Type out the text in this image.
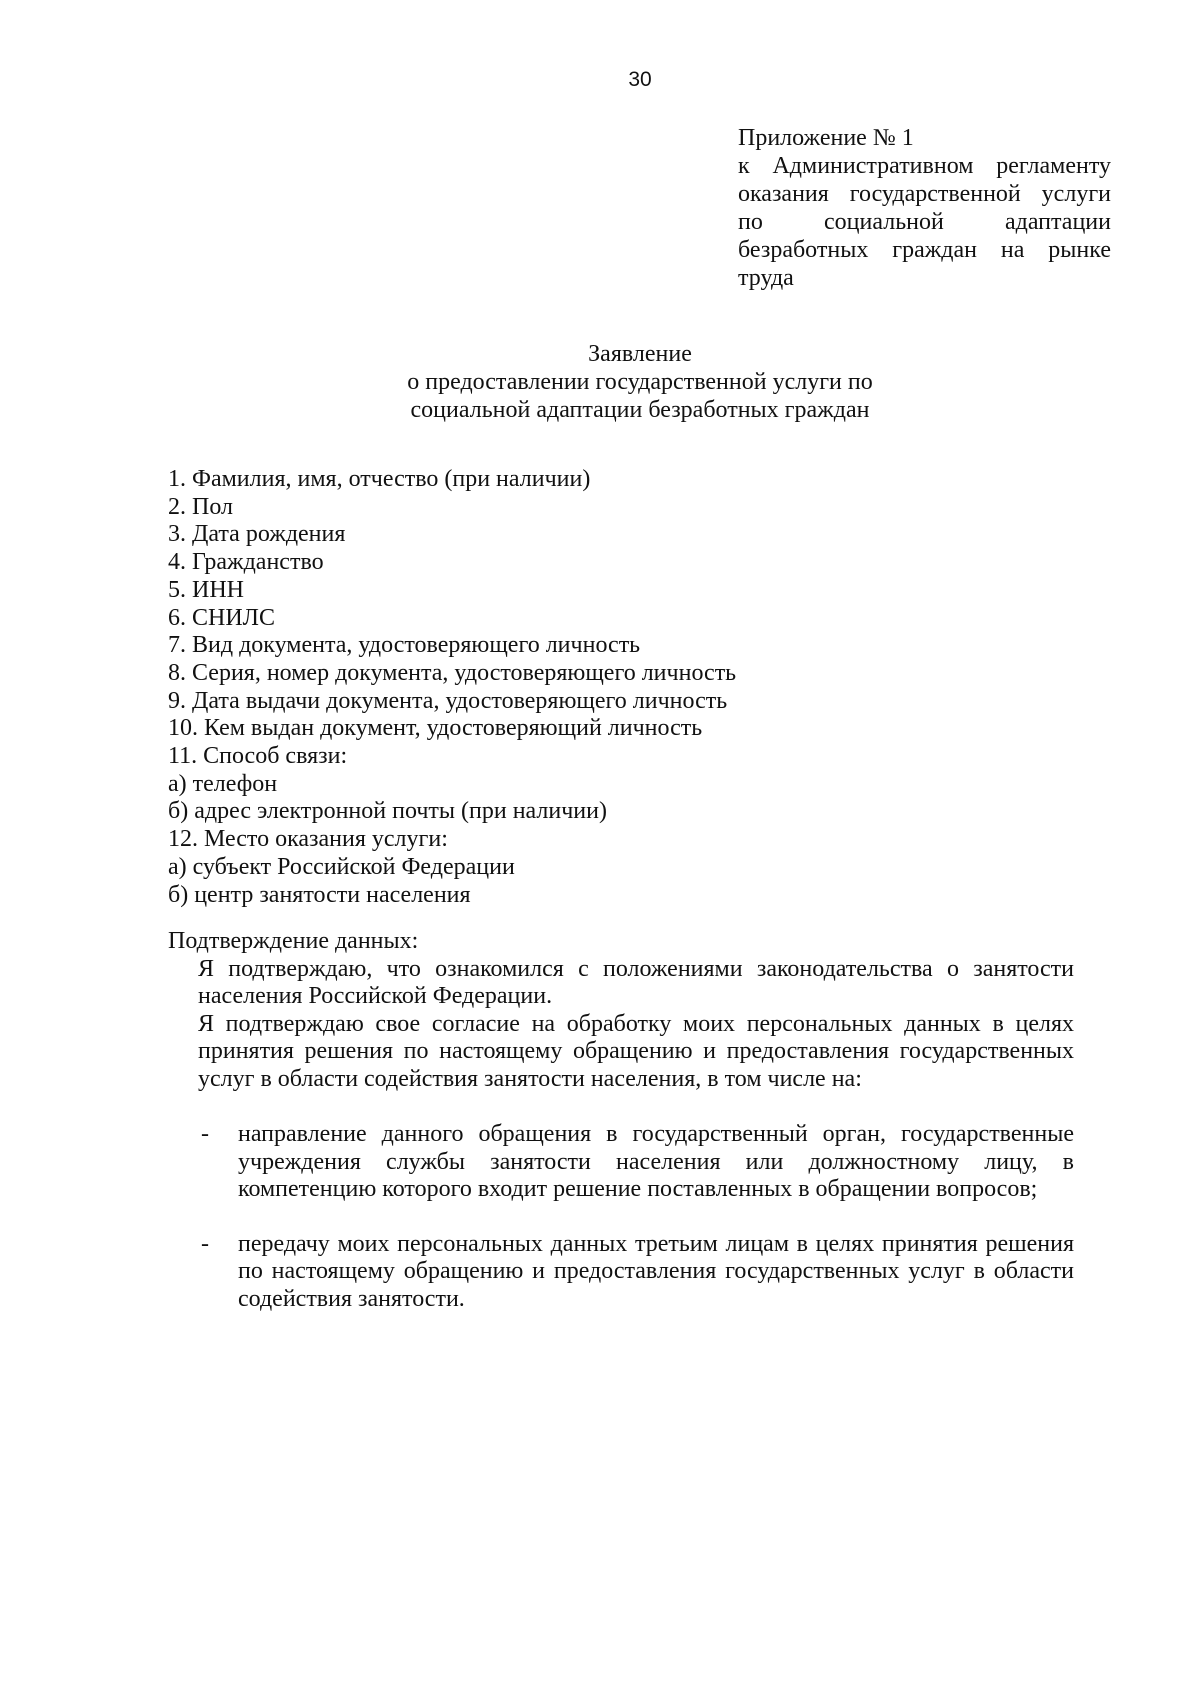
30
Приложение № 1
к Административном регламенту оказания государственной услуги по социальной адаптации безработных граждан на рынке труда
Заявление
о предоставлении государственной услуги по социальной адаптации безработных граждан
1. Фамилия, имя, отчество (при наличии)
2. Пол
3. Дата рождения
4. Гражданство
5. ИНН
6. СНИЛС
7. Вид документа, удостоверяющего личность
8. Серия, номер документа, удостоверяющего личность
9. Дата выдачи документа, удостоверяющего личность
10. Кем выдан документ, удостоверяющий личность
11. Способ связи:
а) телефон
б) адрес электронной почты (при наличии)
12. Место оказания услуги:
а) субъект Российской Федерации
б) центр занятости населения
Подтверждение данных:
Я подтверждаю, что ознакомился с положениями законодательства о занятости населения Российской Федерации.
Я подтверждаю свое согласие на обработку моих персональных данных в целях принятия решения по настоящему обращению и предоставления государственных услуг в области содействия занятости населения, в том числе на:
- направление данного обращения в государственный орган, государственные учреждения службы занятости населения или должностному лицу, в компетенцию которого входит решение поставленных в обращении вопросов;
- передачу моих персональных данных третьим лицам в целях принятия решения по настоящему обращению и предоставления государственных услуг в области содействия занятости.
